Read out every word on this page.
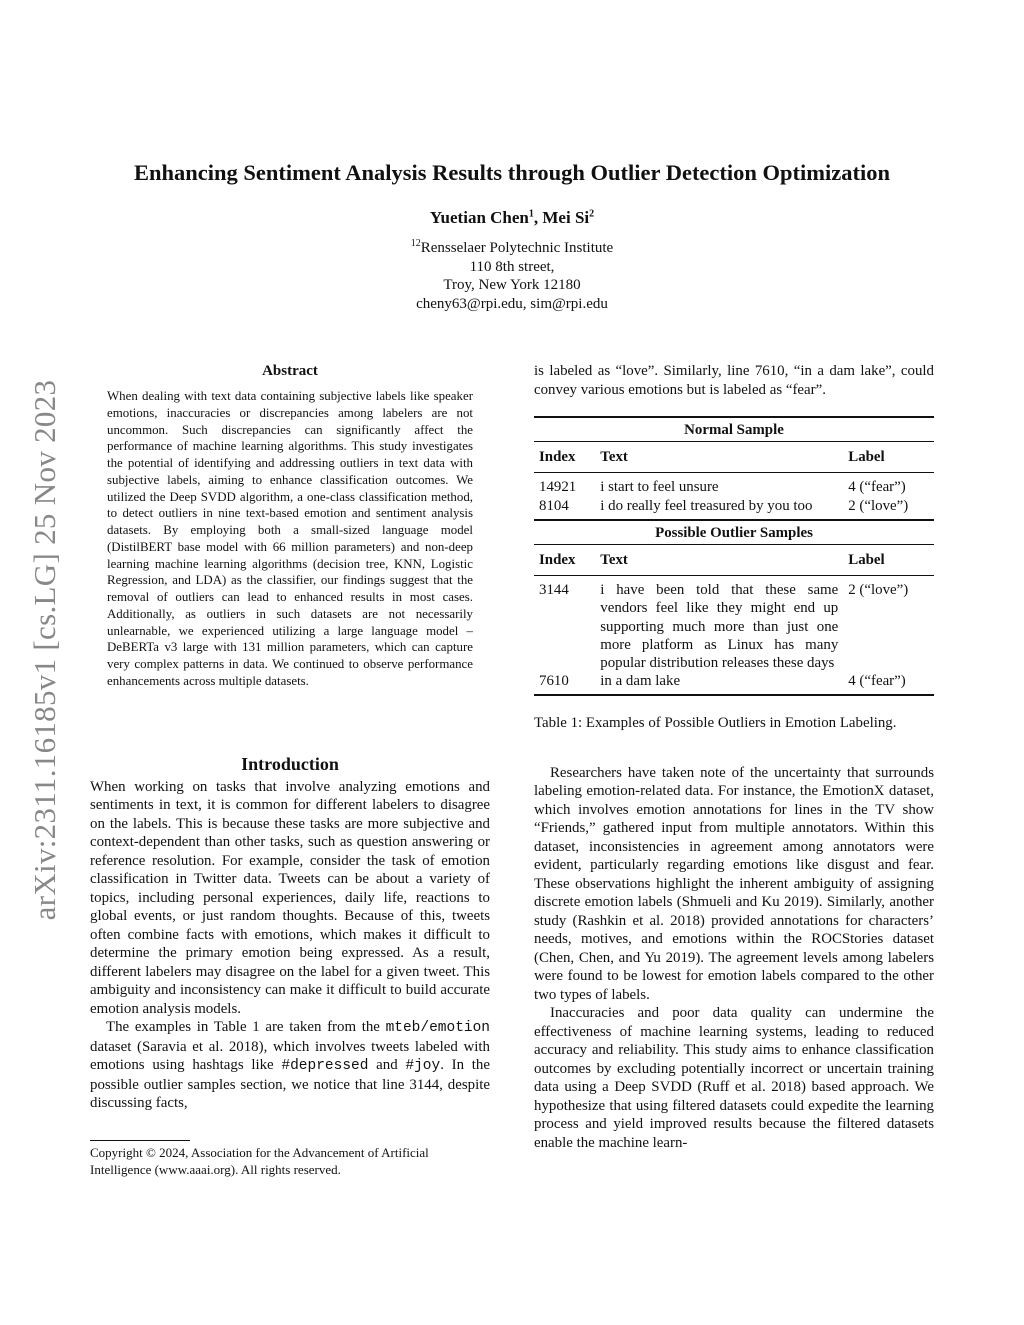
Enhancing Sentiment Analysis Results through Outlier Detection Optimization
Yuetian Chen$^1$, Mei Si$^2$
$^{12}$Rensselaer Polytechnic Institute
110 8th street,
Troy, New York 12180
cheny63@rpi.edu, sim@rpi.edu
arXiv:2311.16185v1 [cs.LG] 25 Nov 2023
Abstract

When dealing with text data containing subjective labels like speaker emotions, inaccuracies or discrepancies among labelers are not uncommon. Such discrepancies can significantly affect the performance of machine learning algorithms. This study investigates the potential of identifying and addressing outliers in text data with subjective labels, aiming to enhance classification outcomes. We utilized the Deep SVDD algorithm, a one-class classification method, to detect outliers in nine text-based emotion and sentiment analysis datasets. By employing both a small-sized language model (DistilBERT base model with 66 million parameters) and non-deep learning machine learning algorithms (decision tree, KNN, Logistic Regression, and LDA) as the classifier, our findings suggest that the removal of outliers can lead to enhanced results in most cases. Additionally, as outliers in such datasets are not necessarily unlearnable, we experienced utilizing a large language model – DeBERTa v3 large with 131 million parameters, which can capture very complex patterns in data. We continued to observe performance enhancements across multiple datasets.

Introduction

When working on tasks that involve analyzing emotions and sentiments in text, it is common for different labelers to disagree on the labels. This is because these tasks are more subjective and context-dependent than other tasks, such as question answering or reference resolution. For example, consider the task of emotion classification in Twitter data. Tweets can be about a variety of topics, including personal experiences, daily life, reactions to global events, or just random thoughts. Because of this, tweets often combine facts with emotions, which makes it difficult to determine the primary emotion being expressed. As a result, different labelers may disagree on the label for a given tweet. This ambiguity and inconsistency can make it difficult to build accurate emotion analysis models.

The examples in Table 1 are taken from the mteb/emotion dataset (Saravia et al. 2018), which involves tweets labeled with emotions using hashtags like #depressed and #joy. In the possible outlier samples section, we notice that line 3144, despite discussing facts,

Copyright © 2024, Association for the Advancement of Artificial Intelligence (www.aaai.org). All rights reserved.

is labeled as “love”. Similarly, line 7610, “in a dam lake”, could convey various emotions but is labeled as “fear”.

Normal Sample		
Index	Text	Label
14921	i start to feel unsure	4 (“fear”)
8104	i do really feel treasured by you too	2 (“love”)
Possible Outlier Samples		
Index	Text	Label
3144	i have been told that these same vendors feel like they might end up supporting much more than just one more platform as Linux has many popular distribution releases these days	2 (“love”)
7610	in a dam lake	4 (“fear”)
Table 1: Examples of Possible Outliers in Emotion Labeling.

Researchers have taken note of the uncertainty that surrounds labeling emotion-related data. For instance, the EmotionX dataset, which involves emotion annotations for lines in the TV show “Friends,” gathered input from multiple annotators. Within this dataset, inconsistencies in agreement among annotators were evident, particularly regarding emotions like disgust and fear. These observations highlight the inherent ambiguity of assigning discrete emotion labels (Shmueli and Ku 2019). Similarly, another study (Rashkin et al. 2018) provided annotations for characters’ needs, motives, and emotions within the ROCStories dataset (Chen, Chen, and Yu 2019). The agreement levels among labelers were found to be lowest for emotion labels compared to the other two types of labels.

Inaccuracies and poor data quality can undermine the effectiveness of machine learning systems, leading to reduced accuracy and reliability. This study aims to enhance classification outcomes by excluding potentially incorrect or uncertain training data using a Deep SVDD (Ruff et al. 2018) based approach. We hypothesize that using filtered datasets could expedite the learning process and yield improved results because the filtered datasets enable the machine learn-
